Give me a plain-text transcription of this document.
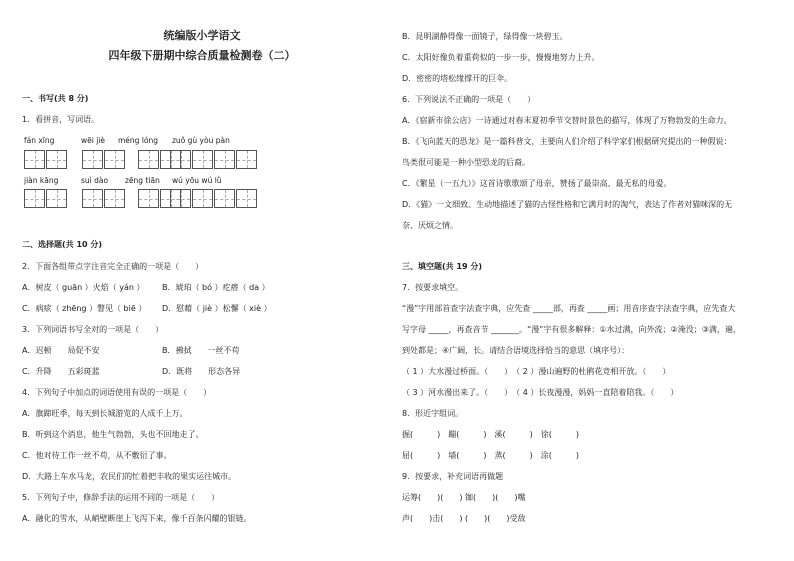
统编版小学语文
四年级下册期中综合质量检测卷（二）
一、书写(共 8 分)
1．看拼音，写词语。
fán xīng	wēi jiè méng lóng zuǒ gù yòu pàn
jiàn kāng	suì dào zēng tiān wú yōu wú lǜ
二、选择题(共 10 分)
2．下面各组带点字注音完全正确的一项是（　　）
A．树皮（ guān ）火焰（ yán ） B．琥珀（ bó ）疙瘩（ da ）
C．病痃（ zhēng ）瞥见（ biē ） D．慰藉（ jiè ）松懈（ xiè ）
3．下列词语书写全对的一项是（　　）
A．迟顿　　局促不安	B．拂拭　　一丝不苟
C．升降　　五彩斑蓝	D．既将　　形态各异
4．下列句子中加点的词语使用有误的一项是（　　）
A．旗蹄旺季，每天到长城游览的人成千上万。
B．听到这个消息，他生气勃勃，头也不回地走了。
C．他对待工作一丝不苟，从不敷衍了事。
D．大路上车水马龙，农民们的忙着把丰收的果实运往城市。
5．下列句子中，修辞手法的运用不同的一项是（　　）
A．融化的雪水，从峭壁断崖上飞泻下来，像千百条闪耀的银链。
B．昆明湖静得像一面镜子，绿得像一块碧玉。
C．太阳好像负着重荷似的一步一步，慢慢地努力上升。
D．密密的塔松缘撑开的巨伞。
6．下列说法不正确的一项是（　　）
A．《宿新市徐公店》一诗通过对春末夏初季节交替时景色的描写，体现了万物勃发的生命力。
B．《飞向蓝天的恐龙》是一篇科普文，主要向人们介绍了科学家们根据研究提出的一种假说：
鸟类很可能是一种小型恐龙的后裔。
C．《繁星（一五九）》这首诗歌歌颂了母亲，赞扬了最崇高、最无私的母爱。
D．《猫》一文细致、生动地描述了猫的古怪性格和它满月时的淘气，表达了作者对猫咪深的无
奈、厌烦之情。
三、填空题(共 19 分)
7．按要求填空。
“漫”字用部首查字法查字典，应先查 _____部，再查 _____画；用音序查字法查字典，应先查大
写字母 _____，再查音节 _______。“漫”字有很多解释：①水过满，向外流；②淹没；③满，遍，
到处都是；④广阔，长。请结合语境选择恰当的意思（填序号）：
（ 1 ）大水漫过桥面。（　　）　（ 2 ）漫山遍野的杜鹃花竞相开放。（　　）
（ 3 ）河水漫出来了。（　　）　（ 4 ）长夜漫漫，妈妈一直陪着陪我。（　　）
8．形近字组词。
掘(　　　)　蹦(　　　)　溪(　　　)　徐(　　　)
屈(　　　)　墙(　　　)　蒸(　　　)　涂(　　　)
9．按要求，补充词语再做题
运筹(　　)(　　) 铷(　　)(　　)嘴
声(　　)击(　　) (　　)(　　)受敌
